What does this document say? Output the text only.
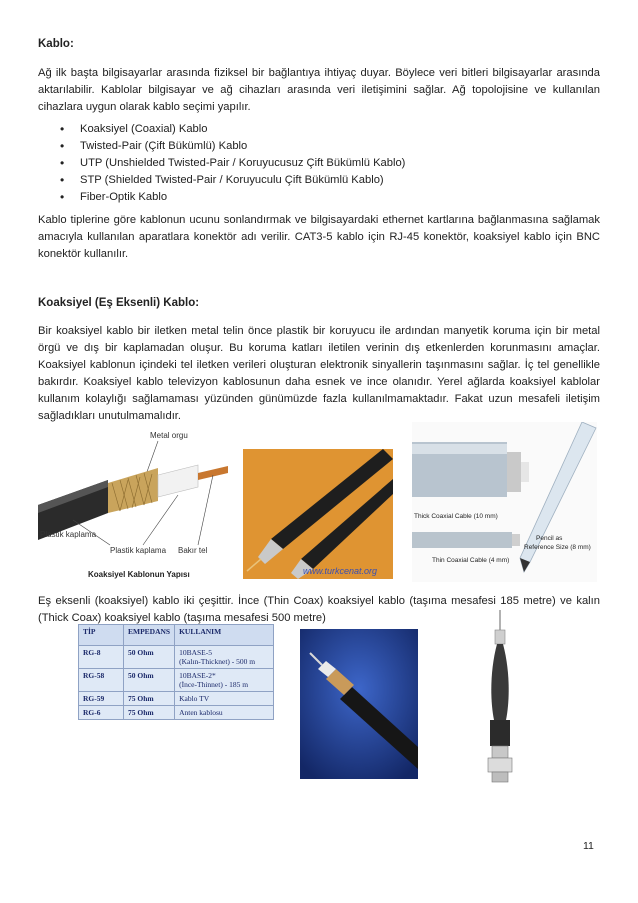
Kablo:
Ağ ilk başta bilgisayarlar arasında fiziksel bir bağlantıya ihtiyaç duyar. Böylece veri bitleri bilgisayarlar arasında aktarılabilir. Kablolar bilgisayar ve ağ cihazları arasında veri iletişimini sağlar. Ağ topolojisine ve kullanılan cihazlara uygun olarak kablo seçimi yapılır.
• Koaksiyel (Coaxial) Kablo
• Twisted-Pair (Çift Bükümlü) Kablo
• UTP (Unshielded Twisted-Pair / Koruyucusuz Çift Bükümlü Kablo)
• STP (Shielded Twisted-Pair / Koruyuculu Çift Bükümlü Kablo)
• Fiber-Optik Kablo
Kablo tiplerine göre kablonun ucunu sonlandırmak ve bilgisayardaki ethernet kartlarına bağlanmasına sağlamak amacıyla kullanılan aparatlara konektör adı verilir. CAT3-5 kablo için RJ-45 konektör, koaksiyel kablo için BNC konektör kullanılır.
Koaksiyel (Eş Eksenli) Kablo:
Bir koaksiyel kablo bir iletken metal telin önce plastik bir koruyucu ile ardından manyetik koruma için bir metal örgü ve dış bir kaplamadan oluşur. Bu koruma katları iletilen verinin dış etkenlerden korunmasını amaçlar. Koaksiyel kablonun içindeki tel iletken verileri oluşturan elektronik sinyallerin taşınmasını sağlar. İç tel genellikle bakırdır. Koaksiyel kablo televizyon kablosunun daha esnek ve ince olanıdır. Yerel ağlarda koaksiyel kablolar kullanım kolaylığı sağlamaması yüzünden günümüzde fazla kullanılmamaktadır. Fakat uzun mesafeli iletişim sağladıkları unutulmamalıdır.
Metal orgu
Plastik kaplama
Plastik kaplama Bakır tel
Koaksiyel Kablonun Yapısı	www.turkcenat.org
Thick Coaxial Cable (10 mm)
Thin Coaxial Cable (4 mm)
Pencil as
Reference Size (8 mm)
Eş eksenli (koaksiyel) kablo iki çeşittir. İnce (Thin Coax) koaksiyel kablo (taşıma mesafesi 185 metre) ve kalın (Thick Coax) koaksiyel kablo (taşıma mesafesi 500 metre)
TİP	EMPEDANS	KULLANIM
RG-8	50 Ohm	10BASE-5
(Kalın-Thicknet) - 500 m
RG-58	50 Ohm	10BASE-2*
(İnce-Thinnet) - 185 m
RG-59	75 Ohm	Kablo TV
RG-6	75 Ohm	Anten kablosu
11
